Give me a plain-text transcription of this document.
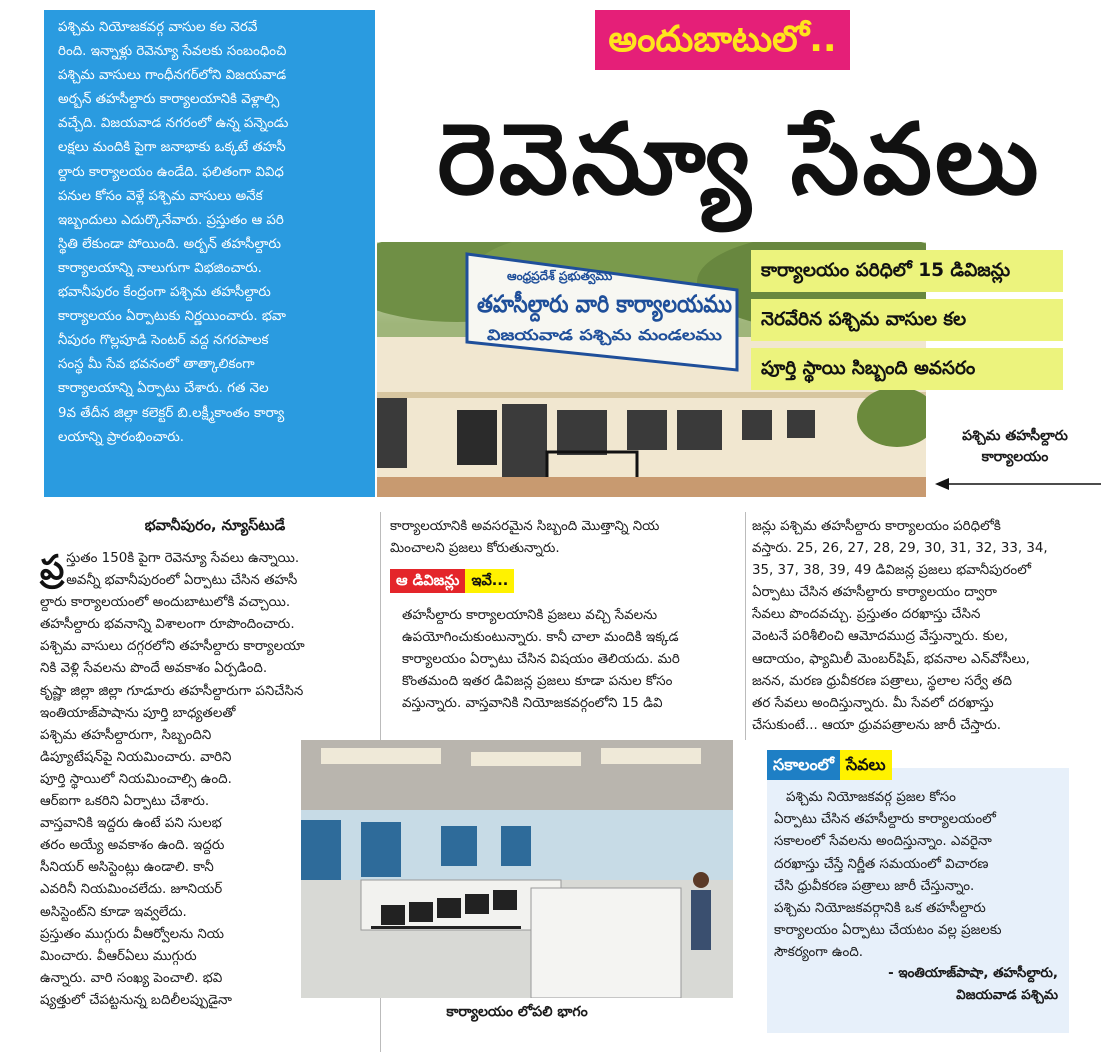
పశ్చిమ నియోజకవర్గ వాసుల కల నెరవే
రింది. ఇన్నాళ్లు రెవెన్యూ సేవలకు సంబంధించి
పశ్చిమ వాసులు గాంధీనగర్‌లోని విజయవాడ
అర్బన్ తహసీల్దారు కార్యాలయానికి వెళ్లాల్సి
వచ్చేది. విజయవాడ నగరంలో ఉన్న పన్నెండు
లక్షలు మందికి పైగా జనాభాకు ఒక్కటే తహసీ
ల్దారు కార్యాలయం ఉండేది. ఫలితంగా వివిధ
పనుల కోసం వెళ్లే పశ్చిమ వాసులు అనేక
ఇబ్బందులు ఎదుర్కొనేవారు. ప్రస్తుతం ఆ పరి
స్థితి లేకుండా పోయింది. అర్బన్ తహసీల్దారు
కార్యాలయాన్ని నాలుగుగా విభజించారు.
భవానీపురం కేంద్రంగా పశ్చిమ తహసీల్దారు
కార్యాలయం ఏర్పాటుకు నిర్ణయించారు. భవా
నీపురం గొల్లపూడి సెంటర్ వద్ద నగరపాలక
సంస్థ మీ సేవ భవనంలో తాత్కాలికంగా
కార్యాలయాన్ని ఏర్పాటు చేశారు. గత నెల
9వ తేదీన జిల్లా కలెక్టర్ బి.లక్ష్మీకాంతం కార్యా
లయాన్ని ప్రారంభించారు.
అందుబాటులో..
రెవెన్యూ సేవలు
ఆంధ్రప్రదేశ్ ప్రభుత్వము
తహసీల్దారు వారి కార్యాలయము
విజయవాడ పశ్చిమ మండలము
కార్యాలయం పరిధిలో 15 డివిజన్లు
నెరవేరిన పశ్చిమ వాసుల కల
పూర్తి స్థాయి సిబ్బంది అవసరం
పశ్చిమ తహసీల్దారు
కార్యాలయం
భవానీపురం, న్యూస్‌టుడే
ప్ర స్తుతం 150కి పైగా రెవెన్యూ సేవలు ఉన్నాయి.
అవన్నీ భవానీపురంలో ఏర్పాటు చేసిన తహసీ
ల్దారు కార్యాలయంలో అందుబాటులోకి వచ్చాయి.
తహసీల్దారు భవనాన్ని విశాలంగా రూపొందించారు.
పశ్చిమ వాసులు దగ్గరలోని తహసీల్దారు కార్యాలయా
నికి వెళ్లి సేవలను పొందే అవకాశం ఏర్పడింది.
కృష్ణా జిల్లా జిల్లా గూడూరు తహసీల్దారుగా పనిచేసిన
ఇంతియాజ్‌పాషాను పూర్తి బాధ్యతలతో
పశ్చిమ తహసీల్దారుగా, సిబ్బందిని
డిప్యూటేషన్‌పై నియమించారు. వారిని
పూర్తి స్థాయిలో నియమించాల్సి ఉంది.
ఆర్‌ఐగా ఒకరిని ఏర్పాటు చేశారు.
వాస్తవానికి ఇద్దరు ఉంటే పని సులభ
తరం అయ్యే అవకాశం ఉంది. ఇద్దరు
సీనియర్ అసిస్టెంట్లు ఉండాలి. కానీ
ఎవరినీ నియమించలేదు. జూనియర్
అసిస్టెంట్‌ని కూడా ఇవ్వలేదు.
ప్రస్తుతం ముగ్గురు వీఆర్వోలను నియ
మించారు. వీఆర్ఏలు ముగ్గురు
ఉన్నారు. వారి సంఖ్య పెంచాలి. భవి
ష్యత్తులో చేపట్టనున్న బదిలీలప్పుడైనా
కార్యాలయానికి అవసరమైన సిబ్బంది మొత్తాన్ని నియ
మించాలని ప్రజలు కోరుతున్నారు.
ఆ డివిజన్లు ఇవే...
తహసీల్దారు కార్యాలయానికి ప్రజలు వచ్చి సేవలను
ఉపయోగించుకుంటున్నారు. కానీ చాలా మందికి ఇక్కడ
కార్యాలయం ఏర్పాటు చేసిన విషయం తెలియదు. మరి
కొంతమంది ఇతర డివిజన్ల ప్రజలు కూడా పనుల కోసం
వస్తున్నారు. వాస్తవానికి నియోజకవర్గంలోని 15 డివి
జన్లు పశ్చిమ తహసీల్దారు కార్యాలయం పరిధిలోకి
వస్తారు. 25, 26, 27, 28, 29, 30, 31, 32, 33, 34,
35, 37, 38, 39, 49 డివిజన్ల ప్రజలు భవానీపురంలో
ఏర్పాటు చేసిన తహసీల్దారు కార్యాలయం ద్వారా
సేవలు పొందవచ్చు. ప్రస్తుతం దరఖాస్తు చేసిన
వెంటనే పరిశీలించి ఆమోదముద్ర వేస్తున్నారు. కుల,
ఆదాయం, ఫ్యామిలీ మెంబర్‌షిప్, భవనాల ఎన్‌వోసీలు,
జనన, మరణ ధ్రువీకరణ పత్రాలు, స్థలాల సర్వే తది
తర సేవలు అందిస్తున్నారు. మీ సేవలో దరఖాస్తు
చేసుకుంటే... ఆయా ధ్రువపత్రాలను జారీ చేస్తారు.
కార్యాలయం లోపలి భాగం
సకాలంలో సేవలు
పశ్చిమ నియోజకవర్గ ప్రజల కోసం
ఏర్పాటు చేసిన తహసీల్దారు కార్యాలయంలో
సకాలంలో సేవలను అందిస్తున్నాం. ఎవరైనా
దరఖాస్తు చేస్తే నిర్ణీత సమయంలో విచారణ
చేసి ధ్రువీకరణ పత్రాలు జారీ చేస్తున్నాం.
పశ్చిమ నియోజకవర్గానికి ఒక తహసీల్దారు
కార్యాలయం ఏర్పాటు చేయటం వల్ల ప్రజలకు
సౌకర్యంగా ఉంది.
- ఇంతియాజ్‌పాషా, తహసీల్దారు,
విజయవాడ పశ్చిమ
